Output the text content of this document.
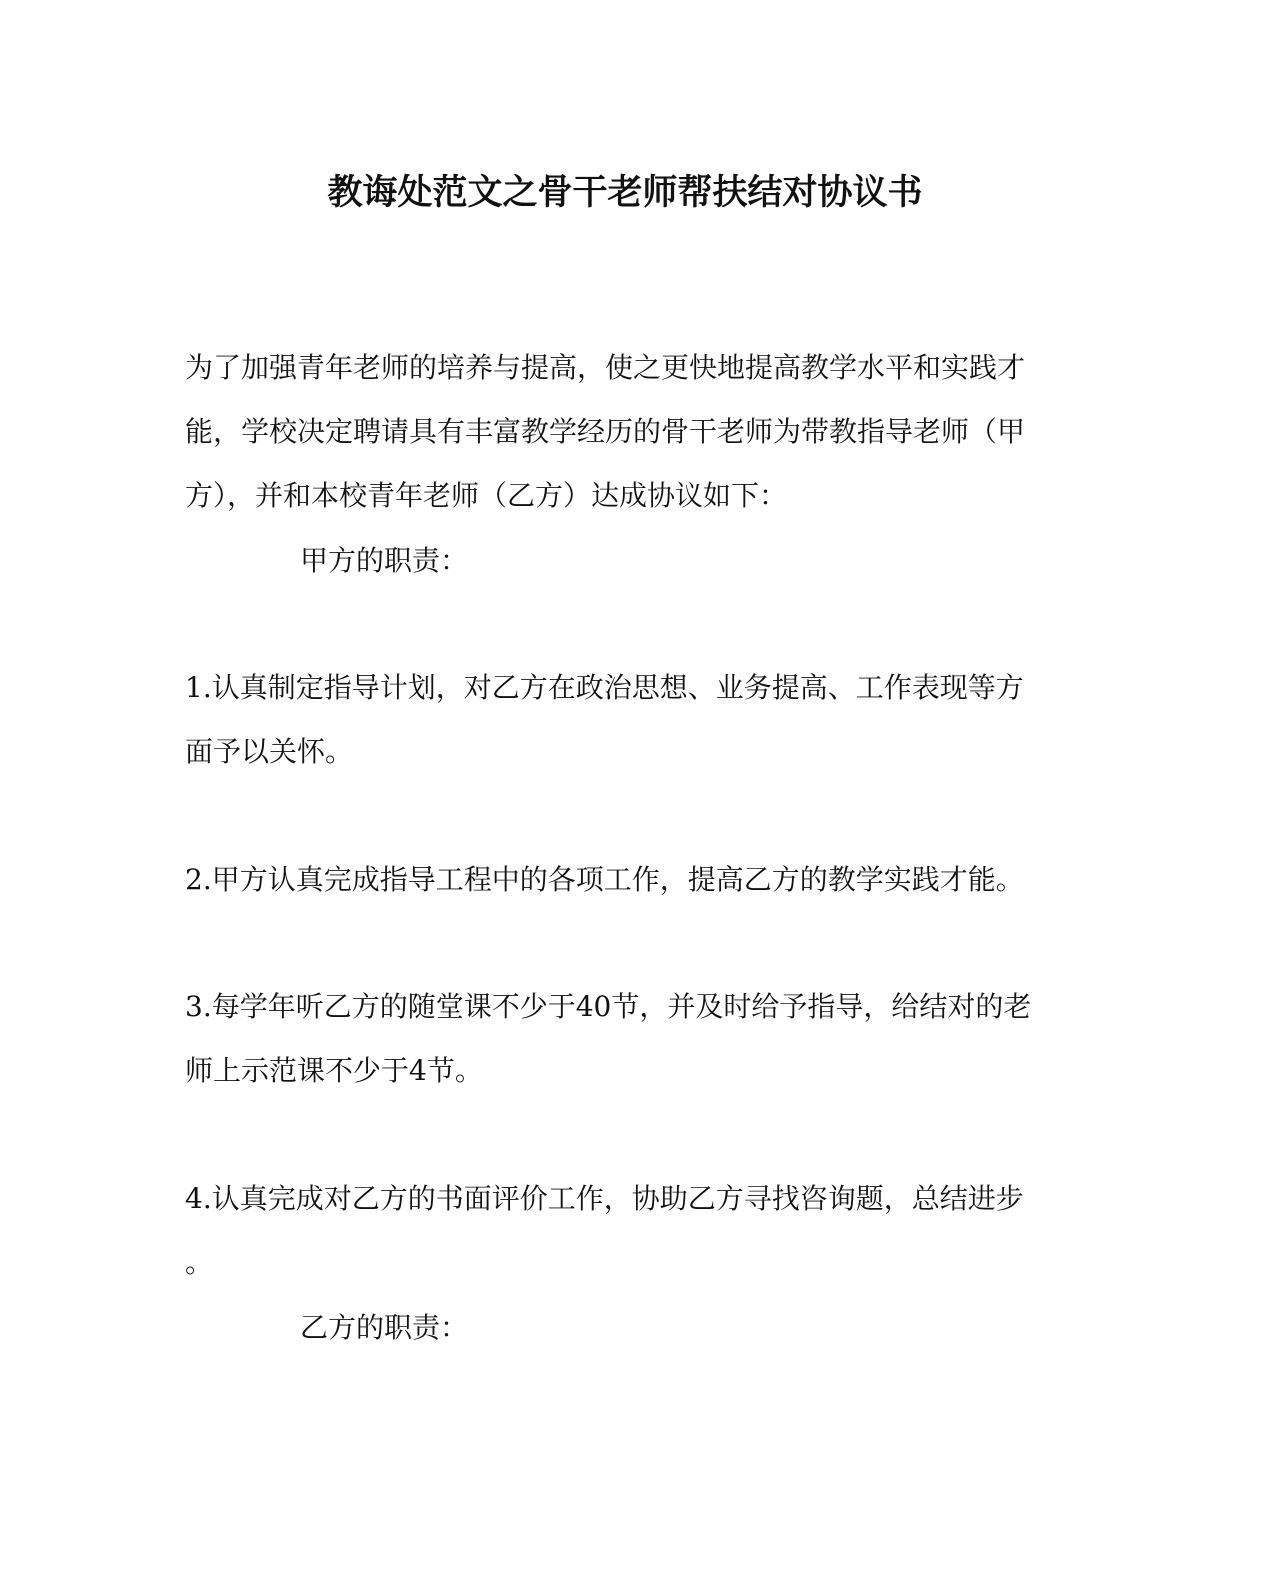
教诲处范文之骨干老师帮扶结对协议书
为了加强青年老师的培养与提高，使之更快地提高教学水平和实践才
能，学校决定聘请具有丰富教学经历的骨干老师为带教指导老师（甲
方），并和本校青年老师（乙方）达成协议如下：
甲方的职责：
1.认真制定指导计划，对乙方在政治思想、业务提高、工作表现等方
面予以关怀。
2.甲方认真完成指导工程中的各项工作，提高乙方的教学实践才能。
3.每学年听乙方的随堂课不少于40节，并及时给予指导，给结对的老
师上示范课不少于4节。
4.认真完成对乙方的书面评价工作，协助乙方寻找咨询题，总结进步
。
乙方的职责：
